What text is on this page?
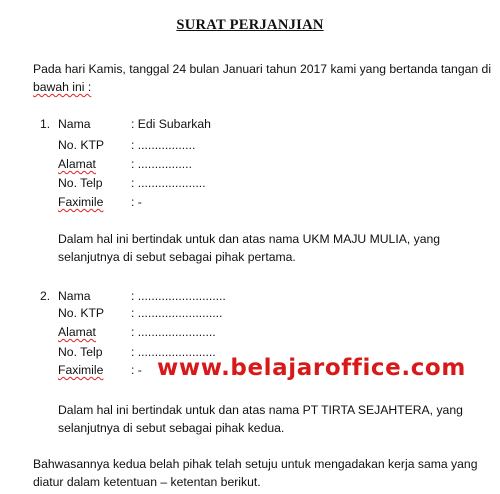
SURAT PERJANJIAN
Pada hari Kamis, tanggal 24 bulan Januari tahun 2017 kami yang bertanda tangan di
bawah ini :
1. Nama	: Edi Subarkah
No. KTP : .................
Alamat	: ................
No. Telp : ....................
Faximile : -
Dalam hal ini bertindak untuk dan atas nama UKM MAJU MULIA, yang
selanjutnya di sebut sebagai pihak pertama.
2. Nama	: ..........................
No. KTP : .........................
Alamat	: .......................
No. Telp : .......................
Faximile : -
Dalam hal ini bertindak untuk dan atas nama PT TIRTA SEJAHTERA, yang
selanjutnya di sebut sebagai pihak kedua.
Bahwasannya kedua belah pihak telah setuju untuk mengadakan kerja sama yang
diatur dalam ketentuan – ketentan berikut.
www.belajaroffice.com
